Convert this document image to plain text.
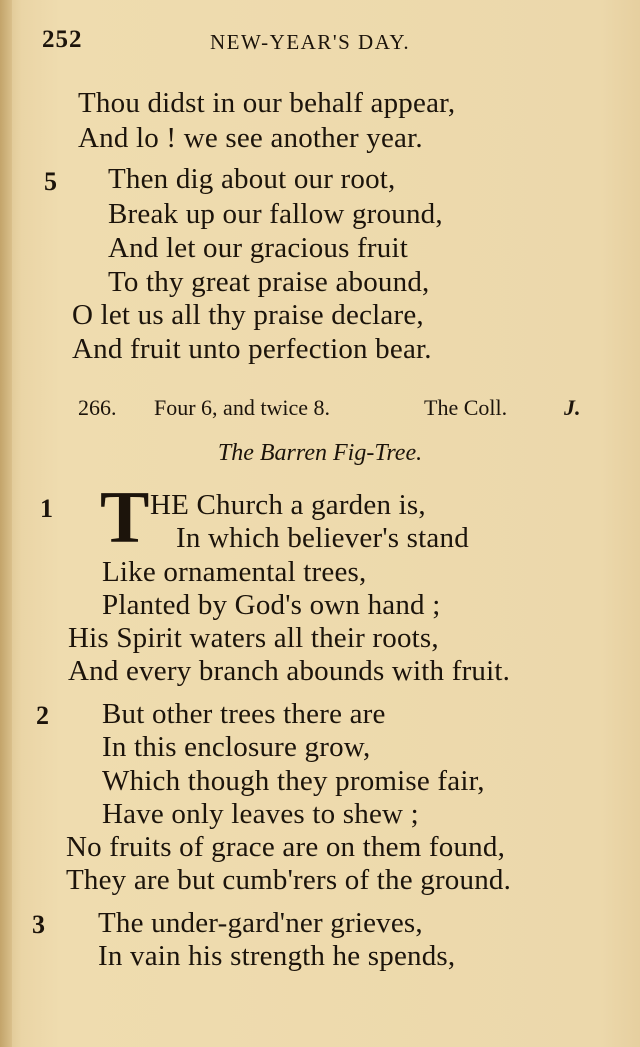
252	NEW-YEAR'S DAY.
Thou didst in our behalf appear,
And lo ! we see another year.
5 Then dig about our root,
Break up our fallow ground,
And let our gracious fruit
To thy great praise abound,
O let us all thy praise declare,
And fruit unto perfection bear.
266. Four 6, and twice 8.	The Coll.	J.
The Barren Fig-Tree.
1 T HE Church a garden is,
In which believer's stand
Like ornamental trees,
Planted by God's own hand ;
His Spirit waters all their roots,
And every branch abounds with fruit.
2 But other trees there are
In this enclosure grow,
Which though they promise fair,
Have only leaves to shew ;
No fruits of grace are on them found,
They are but cumb'rers of the ground.
3 The under-gard'ner grieves,
In vain his strength he spends,
